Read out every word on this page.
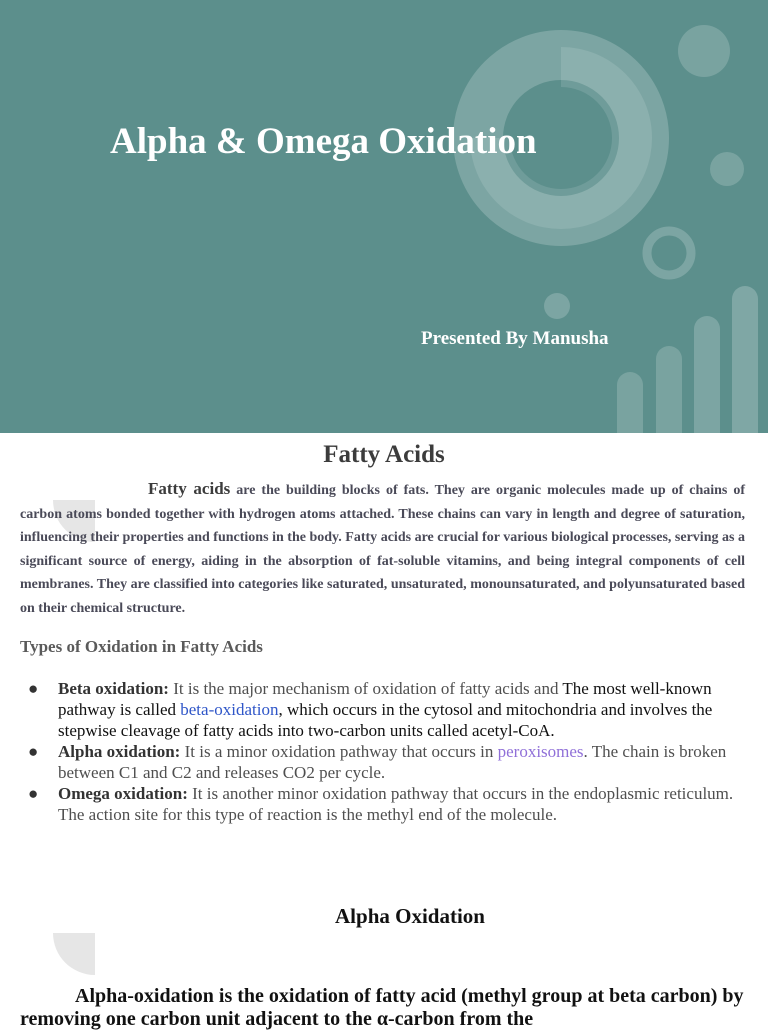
Alpha & Omega Oxidation
Presented By Manusha
Fatty Acids
Fatty acids are the building blocks of fats. They are organic molecules made up of chains of carbon atoms bonded together with hydrogen atoms attached. These chains can vary in length and degree of saturation, influencing their properties and functions in the body. Fatty acids are crucial for various biological processes, serving as a significant source of energy, aiding in the absorption of fat-soluble vitamins, and being integral components of cell membranes. They are classified into categories like saturated, unsaturated, monounsaturated, and polyunsaturated based on their chemical structure.
Types of Oxidation in Fatty Acids
● Beta oxidation: It is the major mechanism of oxidation of fatty acids and The most well-known pathway is called beta-oxidation, which occurs in the cytosol and mitochondria and involves the stepwise cleavage of fatty acids into two-carbon units called acetyl-CoA.
● Alpha oxidation: It is a minor oxidation pathway that occurs in peroxisomes. The chain is broken between C1 and C2 and releases CO2 per cycle.
● Omega oxidation: It is another minor oxidation pathway that occurs in the endoplasmic reticulum. The action site for this type of reaction is the methyl end of the molecule.
Alpha Oxidation
Alpha-oxidation is the oxidation of fatty acid (methyl group at beta carbon) by removing one carbon unit adjacent to the α-carbon from the
